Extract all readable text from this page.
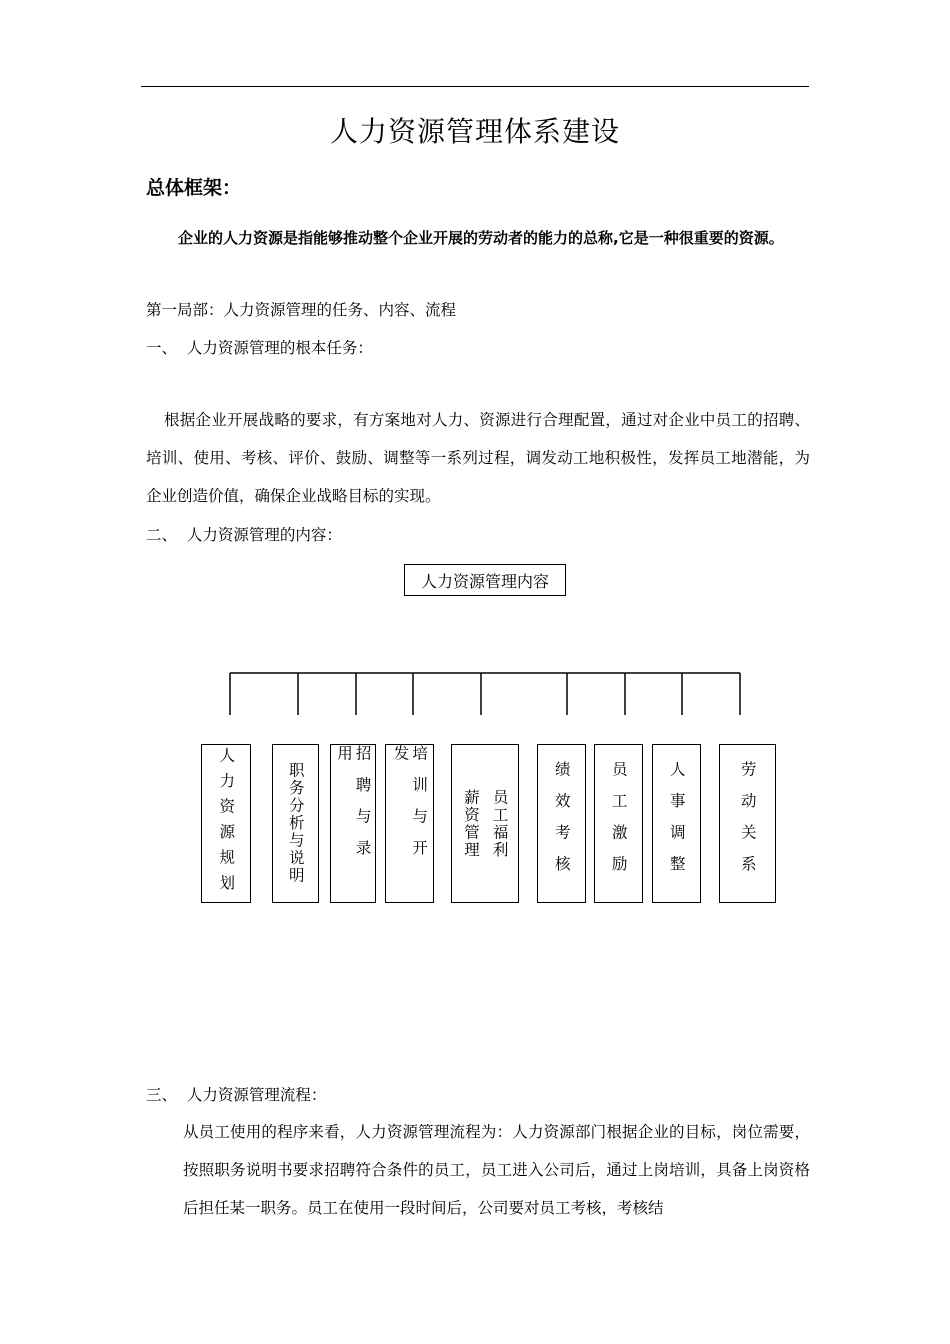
人力资源管理体系建设
总体框架：
企业的人力资源是指能够推动整个企业开展的劳动者的能力的总称,它是一种很重要的资源。
第一局部：人力资源管理的任务、内容、流程
一、  人力资源管理的根本任务：
根据企业开展战略的要求，有方案地对人力、资源进行合理配置，通过对企业中员工的招聘、培训、使用、考核、评价、鼓励、调整等一系列过程，调发动工地积极性，发挥员工地潜能，为企业创造价值，确保企业战略目标的实现。
二、  人力资源管理的内容：
人力资源管理内容
人力资源规划	职务分析与说明	招聘与录用	培训与开发
薪资管理 员工福利	绩效考核	员工激励	人事调整	劳动关系
三、  人力资源管理流程：
从员工使用的程序来看，人力资源管理流程为：人力资源部门根据企业的目标，岗位需要，按照职务说明书要求招聘符合条件的员工，员工进入公司后，通过上岗培训，具备上岗资格后担任某一职务。员工在使用一段时间后，公司要对员工考核，考核结
